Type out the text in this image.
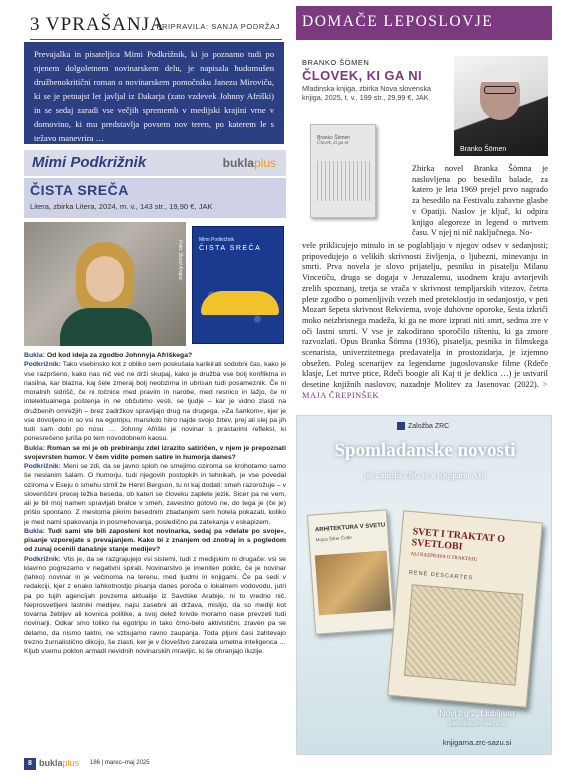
3 VPRAŠANJA
PRIPRAVILA: SANJA PODRŽAJ
Prevajalka in pisateljica Mimi Podkrižnik, ki jo poznamo tudi po njenem dolgoletnem novinarskem delu, je napisala hudomušen družbenokritični roman o novinarskem pomočniku Janezu Miroviču, ki se je petnajst let javljal iz Dakarja (zato vzdevek Johnny Afriški) in se sedaj zaradi vse večjih sprememb v medijski krajini vrne v domovino, ki mu predstavlja povsem nov teren, po katerem le s težavo manevrira …
Mimi Podkrižnik	buklaplus
ČISTA SREČA
Litera, zbirka Litera, 2024, m. v., 143 str., 19,90 €, JAK
Foto: Borut Krajnc	Mimi Podkrižnik
ČISTA SREČA

Bukla: Od kod ideja za zgodbo Johnnyja Afriškega?

Podkrižnik: Tako vsebinsko kot z obliko sem poskušala karikirati sodobni čas, kako je vse razpršeno, kako nas nič več ne drži skupaj, kako je družba vse bolj konfliktna in nasilna, kar blazna, kaj šele zmeraj bolj neobzirna in ubrisan tudi posameznik. Če ni moralnih sidrišč, če ni točnice med pravim in narobe, med resnico in lažjo, če ni intelektualnega poštenja in ne občutimo vesti, se ljudje – kar je vidno zlasti na družbenih omrežjih – brez zadržkov spravljajo drug na drugega. »Za šankom«, kjer je vse dovoljeno in so vsi na egotripu, marsikdo hitro najde svojo žrtev, prej ali slej pa jih tudi sam dobi po nosu … Johnny Afriški je novinar s prastarimi refleksi, ki ponesrečeno juriša po tem novodobnem kaosu.

Bukla: Roman se mi je ob prebiranju zdel izrazito satiričen, v njem je prepoznati svojevrsten humor. V čem vidite pomen satire in humorja danes?

Podkrižnik: Meni se zdi, da se javno sploh ne smejimo oziroma se krohotamo samo še neslanim šalam. O humorju, tudi njegovih postopkih in tehnikah, je vse povedal oziroma v Eseju o smehu strnil že Henri Bergson, tu ni kaj dodati: smeh razorožuje – v slovenščini precej težka beseda, ob kateri se človeku zaplete jezik. Sicer pa ne vem, ali je bil moj namen spravljati bralce v smeh, zavestno gotovo ne, do tega je (če je) prišlo spontano. Z mestoma pikrim besednim zbadanjem sem hotela pokazati, koliko je med nami spakovanja in posmehovanja, posledično pa zatekanja v eskapizem.

Bukla: Tudi sami ste bili zaposleni kot novinarka, sedaj pa »delate po svoje«, pisanje vzporejate s prevajanjem. Kako bi z znanjem od znotraj in s pogledom od zunaj ocenili današnje stanje medijev?

Podkrižnik: Vtis je, da se razgrajujejo vsi sistemi, tudi z medijskim ni drugače: vsi se klavrno pogrezamo v negativni spirali. Novinarstvo je imeniten poklic, če je novinar (lahko) novinar in je večinoma na terenu, med ljudmi in knjigami. Če pa sedi v redakciji, kjer z enako lahkotnostjo pisanja danes poroča o lokalnem vodovodu, jutri pa po tujih agencijah povzema aktualije iz Savdske Arabije, ni to vredno nič. Neprosvetljeni lastniki medijev, najsi zasebni ali država, mislijo, da so mediji kot tovarna žebljev ali kovnica politike, a svoj delež krivde moramo nase prevzeti tudi novinarji. Odkar smo toliko na egotripu in tako črno-belo aktivistični, zraven pa se delamo, da nismo taktni, ne vzbujamo ravno zaupanja. Toda pljuni časi zahtevajo trezno žurnalistično dikcijo, še zlasti, ker je v človeštvo zarezala umetna inteligenca … Kljub vsemu poklon armadi nevidnih novinarskih mravljic, ki še ohranjajo iluzije.

8 buklaplus 186 | marec–maj 2025
DOMAČE LEPOSLOVJE
BRANKO ŠÖMEN
ČLOVEK, KI GA NI
Mladinska knjiga, zbirka Nova slovenska knjiga, 2025, t. v., 199 str., 29,99 €, JAK
Branko Šömen
Branko Šömen
Človek, ki ga ni
Zbirka novel Branka Šömna je naslovljena po besedilu balade, za katero je leta 1969 prejel prvo nagrado za besedilo na Festivalu zabavne glasbe v Opatiji. Naslov je ključ, ki odpira knjigo alegoreze in legend o mrtvem času. V njej ni nič naključnega. No-
vele priklicujejo minulo in se poglabljajo v njegov odsev v sedanjosti; pripovedujejo o velikih skrivnosti življenja, o ljubezni, minevanju in smrti. Prva novela je slovo prijatelju, pesniku in pisatelju Milanu Vincetiču, druga se dogaja v Jeruzalemu, usodnem kraju avtorjevih zrelih spoznanj, tretja se vrača v skrivnost templjarskih vitezov, četrta plete zgodbo o pomenljivih vezeh med preteklostjo in sedanjostjo, v peti Mozart šepeta skrivnost Rekviema, svoje duhovne oporoke, šesta izkriči moko neizbrisnega madeža, ki ga ne more izprati niti smrt, sedma zre v oči lastni smrti. V vse je zakodirano sporočilo tišteniu, ki ga zmore razvozlati. Opus Branka Šömna (1936), pisatelja, pesnika in filmskega scenarista, univerzitetnega predavatelja in prostozidarja, je izjemno obsežen. Poleg scenarijev za legendarne jugoslovanske filme (Rdeče klasje, Let mrtve ptice, Rdeči boogie ali Kaj ti je deklica …) je ustvaril desetine knjižnih naslovov, nazadnje Molitev za Jasenovac (2022). > MAJA ČREPINŠEK
Založba ZRC
Spomladanske novosti
pri Založbi ZRC in v Knjigarni Azil
ARHITEKTURA V SVETU
Mojca Šifrer Čufer	SVET I TRAKTAT O SVETLOBI
ALI RAZPRAVA O TRAKTATU
RENÉ DESCARTES
Novi trg 2, Ljubljana
zalozba.zrc-sazu.si
knjigarna.zrc-sazu.si
